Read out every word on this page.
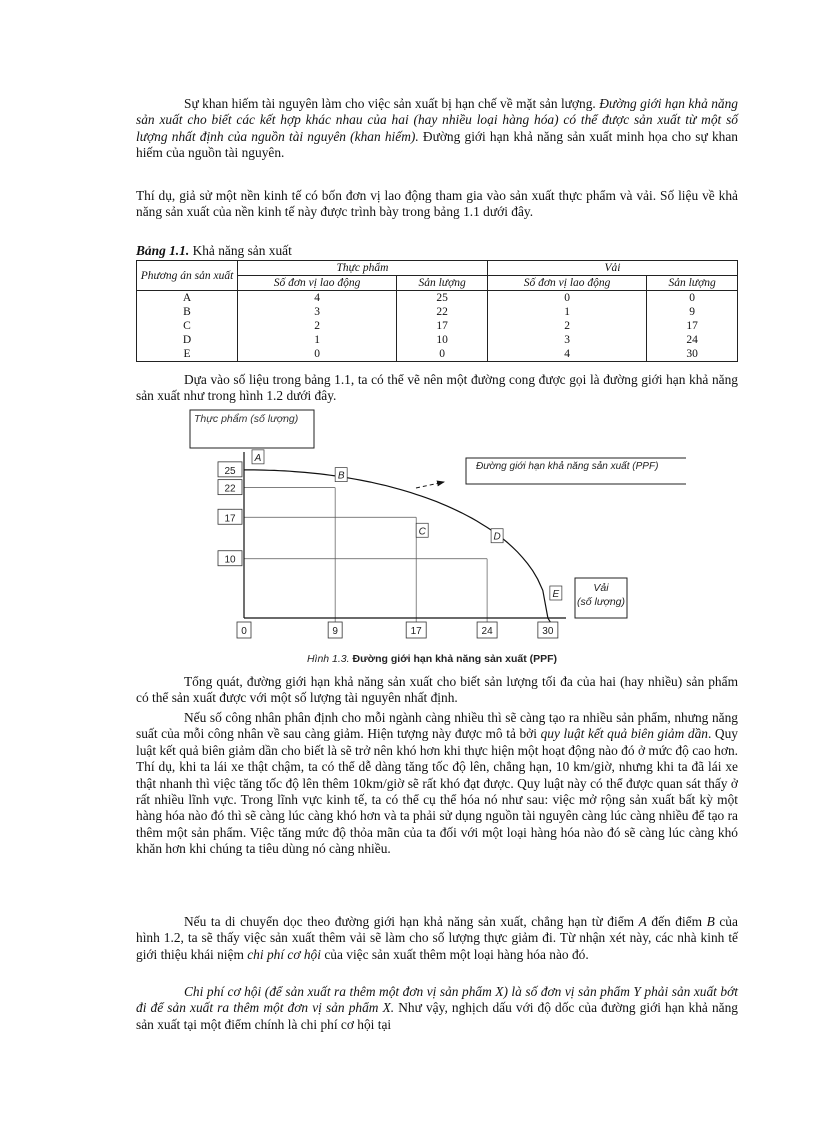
Sự khan hiếm tài nguyên làm cho việc sản xuất bị hạn chế về mặt sản lượng. Đường giới hạn khả năng sản xuất cho biết các kết hợp khác nhau của hai (hay nhiều loại hàng hóa) có thể được sản xuất từ một số lượng nhất định của nguồn tài nguyên (khan hiếm). Đường giới hạn khả năng sản xuất minh họa cho sự khan hiếm của nguồn tài nguyên.
Thí dụ, giả sử một nền kinh tế có bốn đơn vị lao động tham gia vào sản xuất thực phẩm và vải. Số liệu về khả năng sản xuất của nền kinh tế này được trình bày trong bảng 1.1 dưới đây.
Bảng 1.1. Khả năng sản xuất
Phương án sản xuất	Thực phẩm		Vải	
	Số đơn vị lao động	Sản lượng	Số đơn vị lao động	Sản lượng
A	4	25	0	0
B	3	22	1	9
C	2	17	2	17
D	1	10	3	24
E	0	0	4	30
Dựa vào số liệu trong bảng 1.1, ta có thể vẽ nên một đường cong được gọi là đường giới hạn khả năng sản xuất như trong hình 1.2 dưới đây.
Thực phẩm (số lượng)
25
22
17
10
0	9	17	24	30
A
B
C	D
E
Đường giới hạn khả năng sản xuất (PPF)
Vải
(số lượng)
Hình 1.3. Đường giới hạn khả năng sản xuất (PPF)
Tổng quát, đường giới hạn khả năng sản xuất cho biết sản lượng tối đa của hai (hay nhiều) sản phẩm có thể sản xuất được với một số lượng tài nguyên nhất định.
Nếu số công nhân phân định cho mỗi ngành càng nhiều thì sẽ càng tạo ra nhiều sản phẩm, nhưng năng suất của mỗi công nhân về sau càng giảm. Hiện tượng này được mô tả bởi quy luật kết quả biên giảm dần. Quy luật kết quả biên giảm dần cho biết là sẽ trở nên khó hơn khi thực hiện một hoạt động nào đó ở mức độ cao hơn. Thí dụ, khi ta lái xe thật chậm, ta có thể dễ dàng tăng tốc độ lên, chẳng hạn, 10 km/giờ, nhưng khi ta đã lái xe thật nhanh thì việc tăng tốc độ lên thêm 10km/giờ sẽ rất khó đạt được. Quy luật này có thể được quan sát thấy ở rất nhiều lĩnh vực. Trong lĩnh vực kinh tế, ta có thể cụ thể hóa nó như sau: việc mở rộng sản xuất bất kỳ một hàng hóa nào đó thì sẽ càng lúc càng khó hơn và ta phải sử dụng nguồn tài nguyên càng lúc càng nhiều để tạo ra thêm một sản phẩm. Việc tăng mức độ thỏa mãn của ta đối với một loại hàng hóa nào đó sẽ càng lúc càng khó khăn hơn khi chúng ta tiêu dùng nó càng nhiều.
Nếu ta di chuyển dọc theo đường giới hạn khả năng sản xuất, chẳng hạn từ điểm A đến điểm B của hình 1.2, ta sẽ thấy việc sản xuất thêm vải sẽ làm cho số lượng thực giảm đi. Từ nhận xét này, các nhà kinh tế giới thiệu khái niệm chi phí cơ hội của việc sản xuất thêm một loại hàng hóa nào đó.
Chi phí cơ hội (để sản xuất ra thêm một đơn vị sản phẩm X) là số đơn vị sản phẩm Y phải sản xuất bớt đi để sản xuất ra thêm một đơn vị sản phẩm X. Như vậy, nghịch dấu với độ dốc của đường giới hạn khả năng sản xuất tại một điểm chính là chi phí cơ hội tại
